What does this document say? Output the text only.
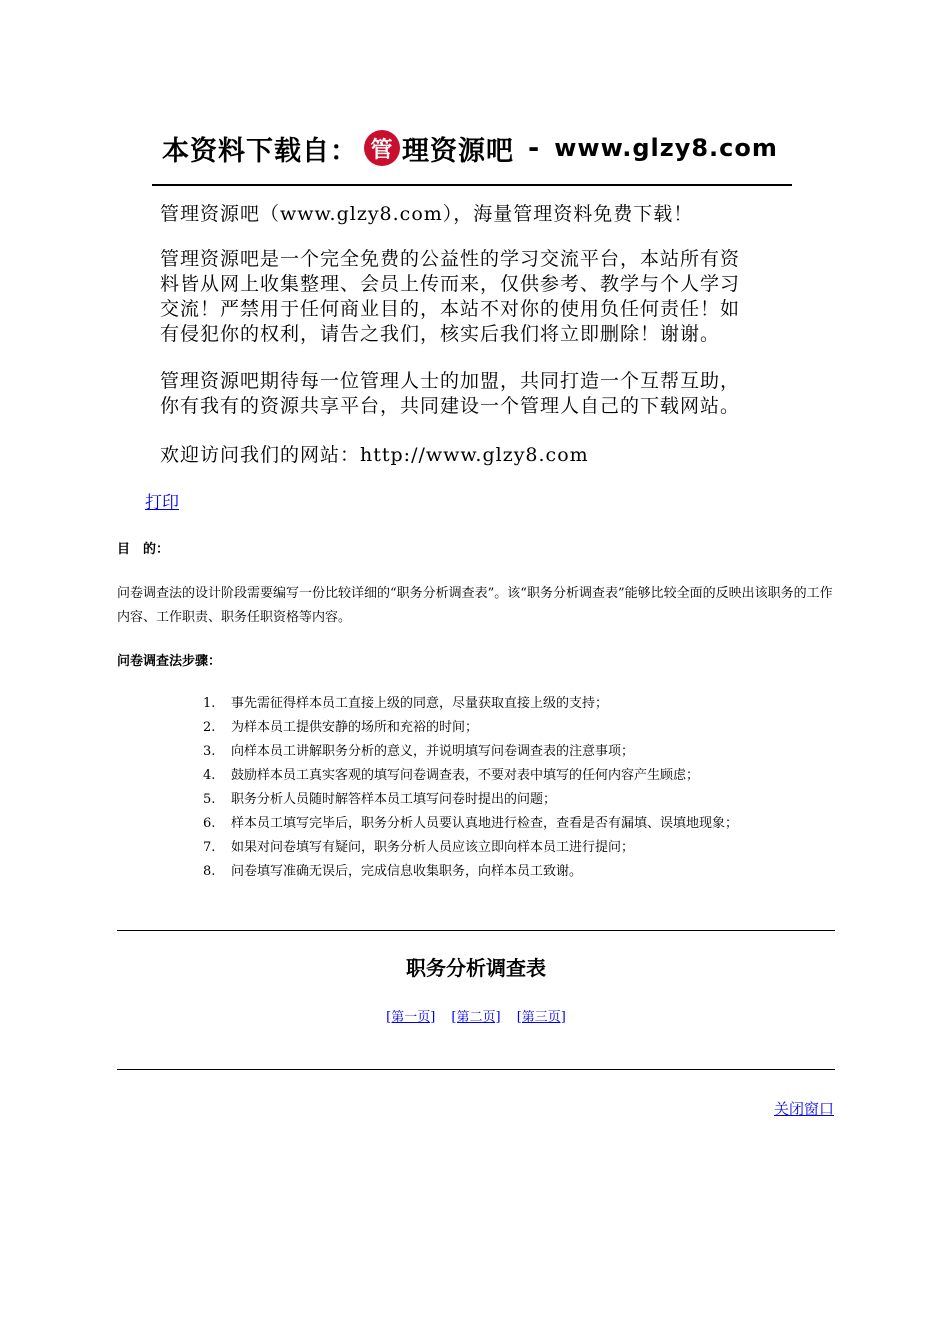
本资料下载自： 管 理资源吧 - www.glzy8.com

管理资源吧（www.glzy8.com），海量管理资料免费下载！

管理资源吧是一个完全免费的公益性的学习交流平台，本站所有资

料皆从网上收集整理、会员上传而来，仅供参考、教学与个人学习

交流！严禁用于任何商业目的，本站不对你的使用负任何责任！如

有侵犯你的权利，请告之我们，核实后我们将立即删除！谢谢。

管理资源吧期待每一位管理人士的加盟，共同打造一个互帮互助，

你有我有的资源共享平台，共同建设一个管理人自己的下载网站。

欢迎访问我们的网站：http://www.glzy8.com

打印

目　的：

问卷调查法的设计阶段需要编写一份比较详细的“职务分析调查表”。该“职务分析调查表”能够比较全面的反映出该职务的工作内容、工作职责、职务任职资格等内容。

问卷调查法步骤：

1.	事先需征得样本员工直接上级的同意，尽量获取直接上级的支持；
2.	为样本员工提供安静的场所和充裕的时间；
3.	向样本员工讲解职务分析的意义，并说明填写问卷调查表的注意事项；
4.	鼓励样本员工真实客观的填写问卷调查表，不要对表中填写的任何内容产生顾虑；
5.	职务分析人员随时解答样本员工填写问卷时提出的问题；
6.	样本员工填写完毕后，职务分析人员要认真地进行检查，查看是否有漏填、误填地现象；
7.	如果对问卷填写有疑问，职务分析人员应该立即向样本员工进行提问；
8.	问卷填写准确无误后，完成信息收集职务，向样本员工致谢。
职务分析调查表
[第一页] [第二页] [第三页]
关闭窗口
